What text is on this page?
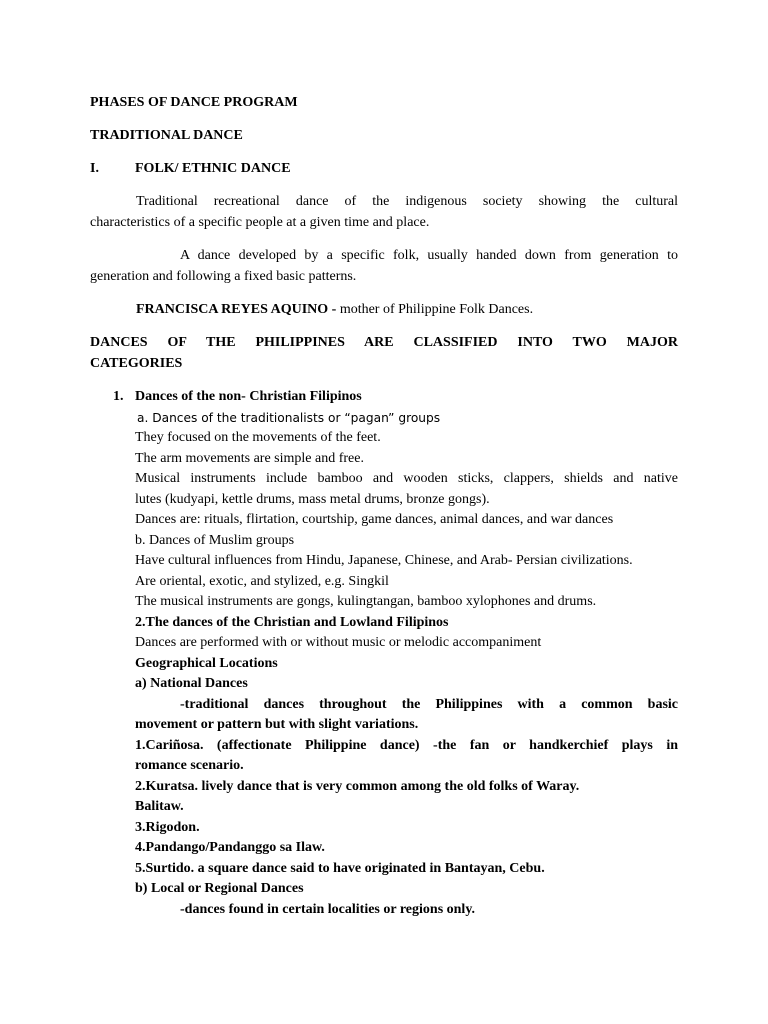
PHASES OF DANCE PROGRAM

TRADITIONAL DANCE

I.	FOLK/ ETHNIC DANCE

Traditional recreational dance of the indigenous society showing the cultural

characteristics of a specific people at a given time and place.

A dance developed by a specific folk, usually handed down from generation to

generation and following a fixed basic patterns.

FRANCISCA REYES AQUINO - mother of Philippine Folk Dances.

DANCES OF THE PHILIPPINES ARE CLASSIFIED INTO TWO MAJOR

CATEGORIES

1. Dances of the non- Christian Filipinos

a. Dances of the traditionalists or “pagan” groups

They focused on the movements of the feet.

The arm movements are simple and free.

Musical instruments include bamboo and wooden sticks, clappers, shields and native

lutes (kudyapi, kettle drums, mass metal drums, bronze gongs).

Dances are: rituals, flirtation, courtship, game dances, animal dances, and war dances

b. Dances of Muslim groups

Have cultural influences from Hindu, Japanese, Chinese, and Arab- Persian civilizations.

Are oriental, exotic, and stylized, e.g. Singkil

The musical instruments are gongs, kulingtangan, bamboo xylophones and drums.

2.The dances of the Christian and Lowland Filipinos

Dances are performed with or without music or melodic accompaniment

Geographical Locations

a) National Dances

-traditional dances throughout the Philippines with a common basic

movement or pattern but with slight variations.

1.Cariñosa. (affectionate Philippine dance) -the fan or handkerchief plays in

romance scenario.

2.Kuratsa. lively dance that is very common among the old folks of Waray.

Balitaw.

3.Rigodon.

4.Pandango/Pandanggo sa Ilaw.

5.Surtido. a square dance said to have originated in Bantayan, Cebu.

b) Local or Regional Dances

-dances found in certain localities or regions only.
